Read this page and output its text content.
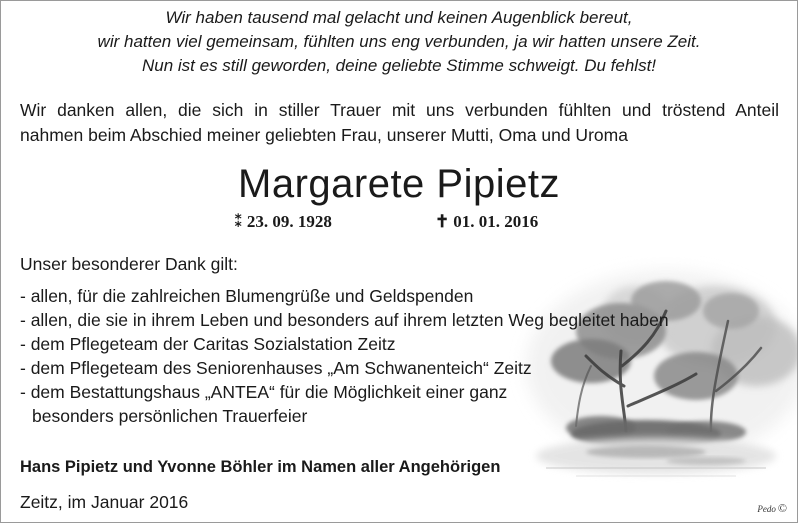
Wir haben tausend mal gelacht und keinen Augenblick bereut,
wir hatten viel gemeinsam, fühlten uns eng verbunden, ja wir hatten unsere Zeit.
Nun ist es still geworden, deine geliebte Stimme schweigt. Du fehlst!
Wir danken allen, die sich in stiller Trauer mit uns verbunden fühlten und tröstend Anteil
nahmen beim Abschied meiner geliebten Frau, unserer Mutti, Oma und Uroma
Margarete Pipietz
⁑ 23. 09. 1928	✝ 01. 01. 2016
Unser besonderer Dank gilt:
- allen, für die zahlreichen Blumengrüße und Geldspenden
- allen, die sie in ihrem Leben und besonders auf ihrem letzten Weg begleitet haben
- dem Pflegeteam der Caritas Sozialstation Zeitz
- dem Pflegeteam des Seniorenhauses „Am Schwanenteich“ Zeitz
- dem Bestattungshaus „ANTEA“ für die Möglichkeit einer ganz
besonders persönlichen Trauerfeier
Hans Pipietz und Yvonne Böhler im Namen aller Angehörigen
Zeitz, im Januar 2016	Pedo ©
